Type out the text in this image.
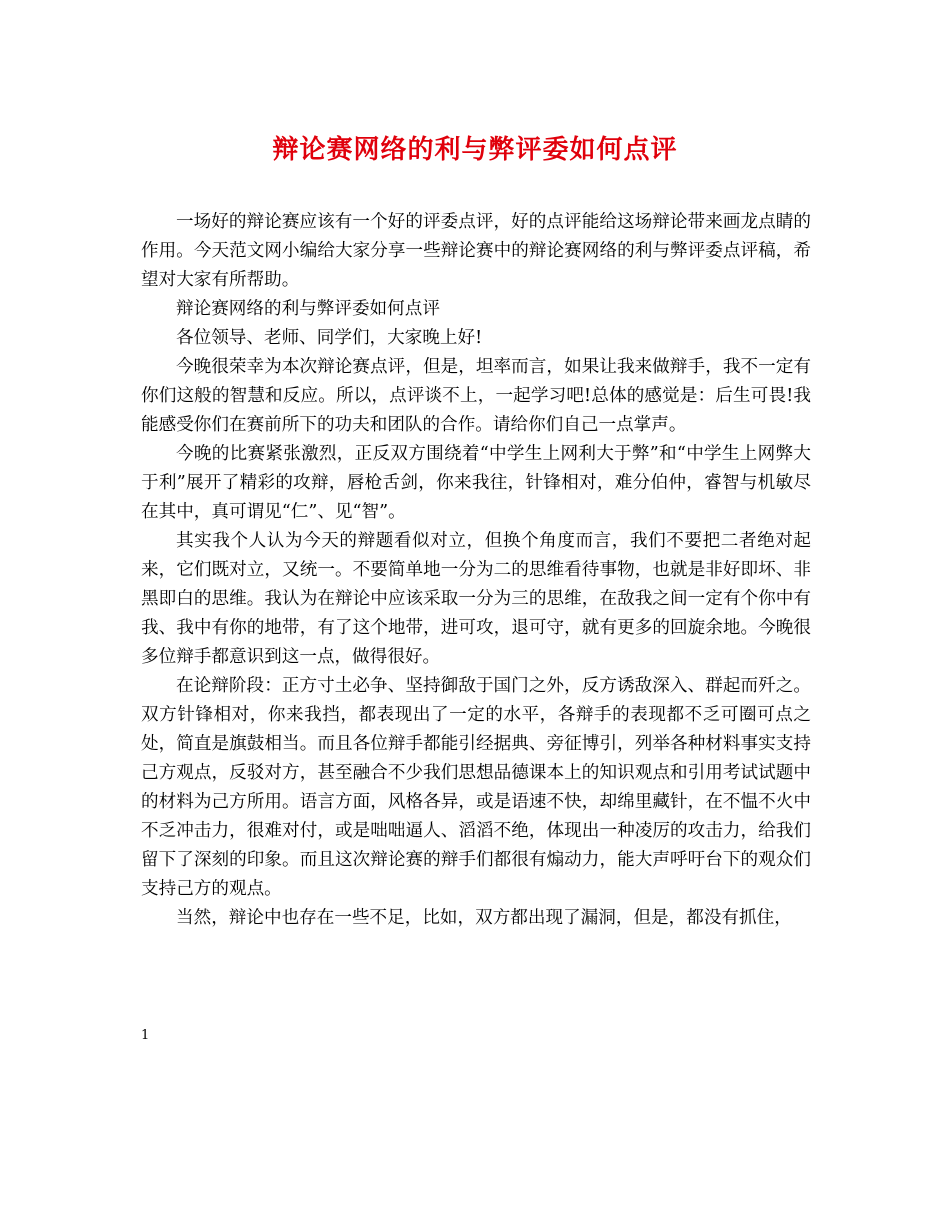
辩论赛网络的利与弊评委如何点评

一场好的辩论赛应该有一个好的评委点评，好的点评能给这场辩论带来画龙点睛的作用。今天范文网小编给大家分享一些辩论赛中的辩论赛网络的利与弊评委点评稿，希望对大家有所帮助。

辩论赛网络的利与弊评委如何点评

各位领导、老师、同学们，大家晚上好!

今晚很荣幸为本次辩论赛点评，但是，坦率而言，如果让我来做辩手，我不一定有你们这般的智慧和反应。所以，点评谈不上，一起学习吧!总体的感觉是：后生可畏!我能感受你们在赛前所下的功夫和团队的合作。请给你们自己一点掌声。

今晚的比赛紧张激烈，正反双方围绕着“中学生上网利大于弊”和“中学生上网弊大于利”展开了精彩的攻辩，唇枪舌剑，你来我往，针锋相对，难分伯仲，睿智与机敏尽在其中，真可谓见“仁”、见“智”。

其实我个人认为今天的辩题看似对立，但换个角度而言，我们不要把二者绝对起来，它们既对立，又统一。不要简单地一分为二的思维看待事物，也就是非好即坏、非黑即白的思维。我认为在辩论中应该采取一分为三的思维，在敌我之间一定有个你中有我、我中有你的地带，有了这个地带，进可攻，退可守，就有更多的回旋余地。今晚很多位辩手都意识到这一点，做得很好。

在论辩阶段：正方寸土必争、坚持御敌于国门之外，反方诱敌深入、群起而歼之。双方针锋相对，你来我挡，都表现出了一定的水平，各辩手的表现都不乏可圈可点之处，简直是旗鼓相当。而且各位辩手都能引经据典、旁征博引，列举各种材料事实支持己方观点，反驳对方，甚至融合不少我们思想品德课本上的知识观点和引用考试试题中的材料为己方所用。语言方面，风格各异，或是语速不快，却绵里藏针，在不愠不火中不乏冲击力，很难对付，或是咄咄逼人、滔滔不绝，体现出一种凌厉的攻击力，给我们留下了深刻的印象。而且这次辩论赛的辩手们都很有煽动力，能大声呼吁台下的观众们支持己方的观点。

当然，辩论中也存在一些不足，比如，双方都出现了漏洞，但是，都没有抓住，

1
